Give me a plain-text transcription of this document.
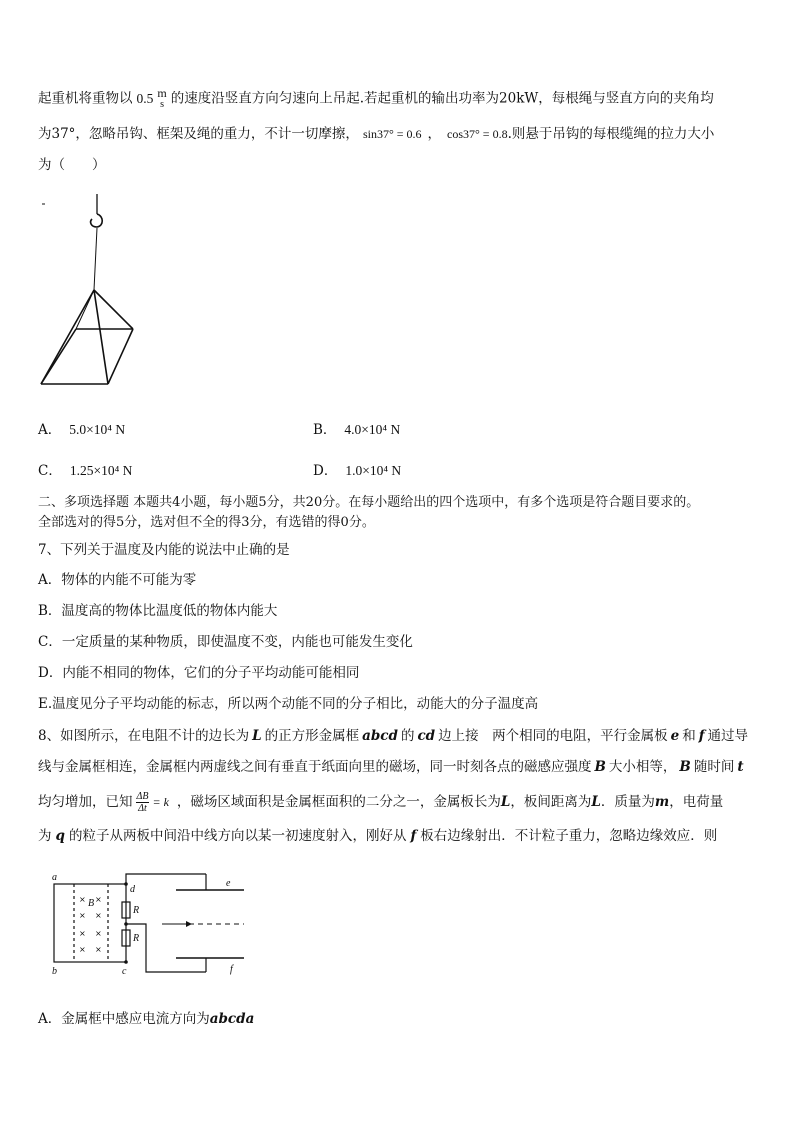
起重机将重物以 0.5 m
s 的速度沿竖直方向匀速向上吊起.若起重机的输出功率为20kW，每根绳与竖直方向的夹角均
为37°，忽略吊钩、框架及绳的重力，不计一切摩擦， sin37° = 0.6 ， cos37° = 0.8.则悬于吊钩的每根缆绳的拉力大小
为（　　）
A． 5.0×10⁴ N	B． 4.0×10⁴ N
C． 1.25×10⁴ N	D． 1.0×10⁴ N
二、多项选择题 本题共4小题，每小题5分，共20分。在每小题给出的四个选项中，有多个选项是符合题目要求的。
全部选对的得5分，选对但不全的得3分，有选错的得0分。
7、下列关于温度及内能的说法中止确的是
A．物体的内能不可能为零
B．温度高的物体比温度低的物体内能大
C．一定质量的某种物质，即使温度不变，内能也可能发生变化
D．内能不相同的物体，它们的分子平均动能可能相同
E.温度见分子平均动能的标志，所以两个动能不同的分子相比，动能大的分子温度高
8、如图所示，在电阻不计的边长为 L 的正方形金属框 abcd 的 cd 边上接　两个相同的电阻，平行金属板 e 和 f 通过导
线与金属框相连，金属框内两虚线之间有垂直于纸面向里的磁场，同一时刻各点的磁感应强度 B 大小相等， B 随时间 t
均匀增加，已知 $\frac{\Delta B}{\Delta t} = k$ ，磁场区域面积是金属框面积的二分之一，金属板长为L，板间距离为L．质量为m，电荷量
为 q 的粒子从两板中间沿中线方向以某一初速度射入，刚好从 f 板右边缘射出．不计粒子重力，忽略边缘效应．则
a
b	c
d
e
f
B
R
R
× ×
× ×
× ×
× ×
A．金属框中感应电流方向为abcda
